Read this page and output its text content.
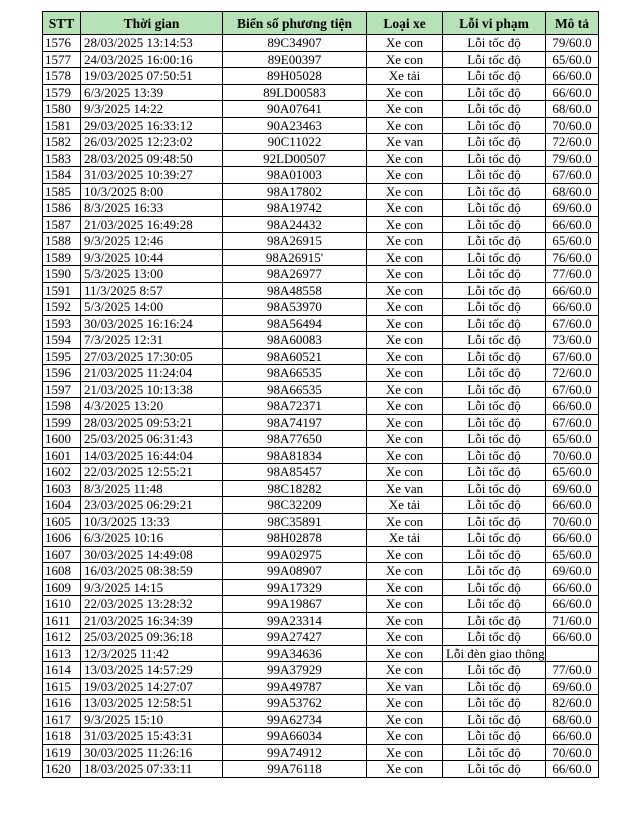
STT	Thời gian	Biển số phương tiện	Loại xe	Lỗi vi phạm	Mô tả
1576	28/03/2025 13:14:53	89C34907	Xe con	Lỗi tốc độ	79/60.0
1577	24/03/2025 16:00:16	89E00397	Xe con	Lỗi tốc độ	65/60.0
1578	19/03/2025 07:50:51	89H05028	Xe tải	Lỗi tốc độ	66/60.0
1579	6/3/2025 13:39	89LD00583	Xe con	Lỗi tốc độ	66/60.0
1580	9/3/2025 14:22	90A07641	Xe con	Lỗi tốc độ	68/60.0
1581	29/03/2025 16:33:12	90A23463	Xe con	Lỗi tốc độ	70/60.0
1582	26/03/2025 12:23:02	90C11022	Xe van	Lỗi tốc độ	72/60.0
1583	28/03/2025 09:48:50	92LD00507	Xe con	Lỗi tốc độ	79/60.0
1584	31/03/2025 10:39:27	98A01003	Xe con	Lỗi tốc độ	67/60.0
1585	10/3/2025 8:00	98A17802	Xe con	Lỗi tốc độ	68/60.0
1586	8/3/2025 16:33	98A19742	Xe con	Lỗi tốc độ	69/60.0
1587	21/03/2025 16:49:28	98A24432	Xe con	Lỗi tốc độ	66/60.0
1588	9/3/2025 12:46	98A26915	Xe con	Lỗi tốc độ	65/60.0
1589	9/3/2025 10:44	98A26915'	Xe con	Lỗi tốc độ	76/60.0
1590	5/3/2025 13:00	98A26977	Xe con	Lỗi tốc độ	77/60.0
1591	11/3/2025 8:57	98A48558	Xe con	Lỗi tốc độ	66/60.0
1592	5/3/2025 14:00	98A53970	Xe con	Lỗi tốc độ	66/60.0
1593	30/03/2025 16:16:24	98A56494	Xe con	Lỗi tốc độ	67/60.0
1594	7/3/2025 12:31	98A60083	Xe con	Lỗi tốc độ	73/60.0
1595	27/03/2025 17:30:05	98A60521	Xe con	Lỗi tốc độ	67/60.0
1596	21/03/2025 11:24:04	98A66535	Xe con	Lỗi tốc độ	72/60.0
1597	21/03/2025 10:13:38	98A66535	Xe con	Lỗi tốc độ	67/60.0
1598	4/3/2025 13:20	98A72371	Xe con	Lỗi tốc độ	66/60.0
1599	28/03/2025 09:53:21	98A74197	Xe con	Lỗi tốc độ	67/60.0
1600	25/03/2025 06:31:43	98A77650	Xe con	Lỗi tốc độ	65/60.0
1601	14/03/2025 16:44:04	98A81834	Xe con	Lỗi tốc độ	70/60.0
1602	22/03/2025 12:55:21	98A85457	Xe con	Lỗi tốc độ	65/60.0
1603	8/3/2025 11:48	98C18282	Xe van	Lỗi tốc độ	69/60.0
1604	23/03/2025 06:29:21	98C32209	Xe tải	Lỗi tốc độ	66/60.0
1605	10/3/2025 13:33	98C35891	Xe con	Lỗi tốc độ	70/60.0
1606	6/3/2025 10:16	98H02878	Xe tải	Lỗi tốc độ	66/60.0
1607	30/03/2025 14:49:08	99A02975	Xe con	Lỗi tốc độ	65/60.0
1608	16/03/2025 08:38:59	99A08907	Xe con	Lỗi tốc độ	69/60.0
1609	9/3/2025 14:15	99A17329	Xe con	Lỗi tốc độ	66/60.0
1610	22/03/2025 13:28:32	99A19867	Xe con	Lỗi tốc độ	66/60.0
1611	21/03/2025 16:34:39	99A23314	Xe con	Lỗi tốc độ	71/60.0
1612	25/03/2025 09:36:18	99A27427	Xe con	Lỗi tốc độ	66/60.0
1613	12/3/2025 11:42	99A34636	Xe con	Lỗi đèn giao thông	
1614	13/03/2025 14:57:29	99A37929	Xe con	Lỗi tốc độ	77/60.0
1615	19/03/2025 14:27:07	99A49787	Xe van	Lỗi tốc độ	69/60.0
1616	13/03/2025 12:58:51	99A53762	Xe con	Lỗi tốc độ	82/60.0
1617	9/3/2025 15:10	99A62734	Xe con	Lỗi tốc độ	68/60.0
1618	31/03/2025 15:43:31	99A66034	Xe con	Lỗi tốc độ	66/60.0
1619	30/03/2025 11:26:16	99A74912	Xe con	Lỗi tốc độ	70/60.0
1620	18/03/2025 07:33:11	99A76118	Xe con	Lỗi tốc độ	66/60.0
